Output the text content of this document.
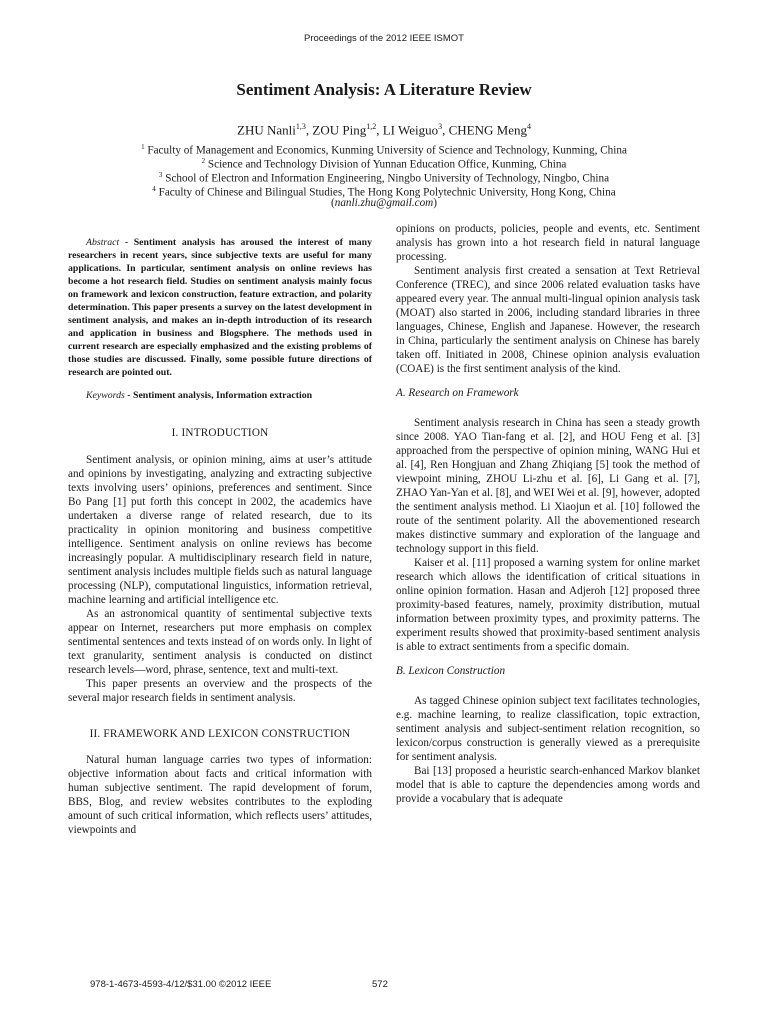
Proceedings of the 2012 IEEE ISMOT
Sentiment Analysis: A Literature Review
ZHU Nanli$^{1,3}$, ZOU Ping$^{1,2}$, LI Weiguo$^3$, CHENG Meng$^4$
$^1$ Faculty of Management and Economics, Kunming University of Science and Technology, Kunming, China
$^2$ Science and Technology Division of Yunnan Education Office, Kunming, China
$^3$ School of Electron and Information Engineering, Ningbo University of Technology, Ningbo, China
$^4$ Faculty of Chinese and Bilingual Studies, The Hong Kong Polytechnic University, Hong Kong, China
(nanli.zhu@gmail.com)

Abstract - Sentiment analysis has aroused the interest of many researchers in recent years, since subjective texts are useful for many applications. In particular, sentiment analysis on online reviews has become a hot research field. Studies on sentiment analysis mainly focus on framework and lexicon construction, feature extraction, and polarity determination. This paper presents a survey on the latest development in sentiment analysis, and makes an in-depth introduction of its research and application in business and Blogsphere. The methods used in current research are especially emphasized and the existing problems of those studies are discussed. Finally, some possible future directions of research are pointed out.

Keywords - Sentiment analysis, Information extraction

I. INTRODUCTION

Sentiment analysis, or opinion mining, aims at user’s attitude and opinions by investigating, analyzing and extracting subjective texts involving users’ opinions, preferences and sentiment. Since Bo Pang [1] put forth this concept in 2002, the academics have undertaken a diverse range of related research, due to its practicality in opinion monitoring and business competitive intelligence. Sentiment analysis on online reviews has become increasingly popular. A multidisciplinary research field in nature, sentiment analysis includes multiple fields such as natural language processing (NLP), computational linguistics, information retrieval, machine learning and artificial intelligence etc.

As an astronomical quantity of sentimental subjective texts appear on Internet, researchers put more emphasis on complex sentimental sentences and texts instead of on words only. In light of text granularity, sentiment analysis is conducted on distinct research levels—word, phrase, sentence, text and multi-text.

This paper presents an overview and the prospects of the several major research fields in sentiment analysis.

II. FRAMEWORK AND LEXICON CONSTRUCTION

Natural human language carries two types of information: objective information about facts and critical information with human subjective sentiment. The rapid development of forum, BBS, Blog, and review websites contributes to the exploding amount of such critical information, which reflects users’ attitudes, viewpoints and

opinions on products, policies, people and events, etc. Sentiment analysis has grown into a hot research field in natural language processing.

Sentiment analysis first created a sensation at Text Retrieval Conference (TREC), and since 2006 related evaluation tasks have appeared every year. The annual multi-lingual opinion analysis task (MOAT) also started in 2006, including standard libraries in three languages, Chinese, English and Japanese. However, the research in China, particularly the sentiment analysis on Chinese has barely taken off. Initiated in 2008, Chinese opinion analysis evaluation (COAE) is the first sentiment analysis of the kind.

A. Research on Framework

Sentiment analysis research in China has seen a steady growth since 2008. YAO Tian-fang et al. [2], and HOU Feng et al. [3] approached from the perspective of opinion mining, WANG Hui et al. [4], Ren Hongjuan and Zhang Zhiqiang [5] took the method of viewpoint mining, ZHOU Li-zhu et al. [6], Li Gang et al. [7], ZHAO Yan-Yan et al. [8], and WEI Wei et al. [9], however, adopted the sentiment analysis method. Li Xiaojun et al. [10] followed the route of the sentiment polarity. All the abovementioned research makes distinctive summary and exploration of the language and technology support in this field.

Kaiser et al. [11] proposed a warning system for online market research which allows the identification of critical situations in online opinion formation. Hasan and Adjeroh [12] proposed three proximity-based features, namely, proximity distribution, mutual information between proximity types, and proximity patterns. The experiment results showed that proximity-based sentiment analysis is able to extract sentiments from a specific domain.

B. Lexicon Construction

As tagged Chinese opinion subject text facilitates technologies, e.g. machine learning, to realize classification, topic extraction, sentiment analysis and subject-sentiment relation recognition, so lexicon/corpus construction is generally viewed as a prerequisite for sentiment analysis.

Bai [13] proposed a heuristic search-enhanced Markov blanket model that is able to capture the dependencies among words and provide a vocabulary that is adequate

978-1-4673-4593-4/12/$31.00 ©2012 IEEE	572
